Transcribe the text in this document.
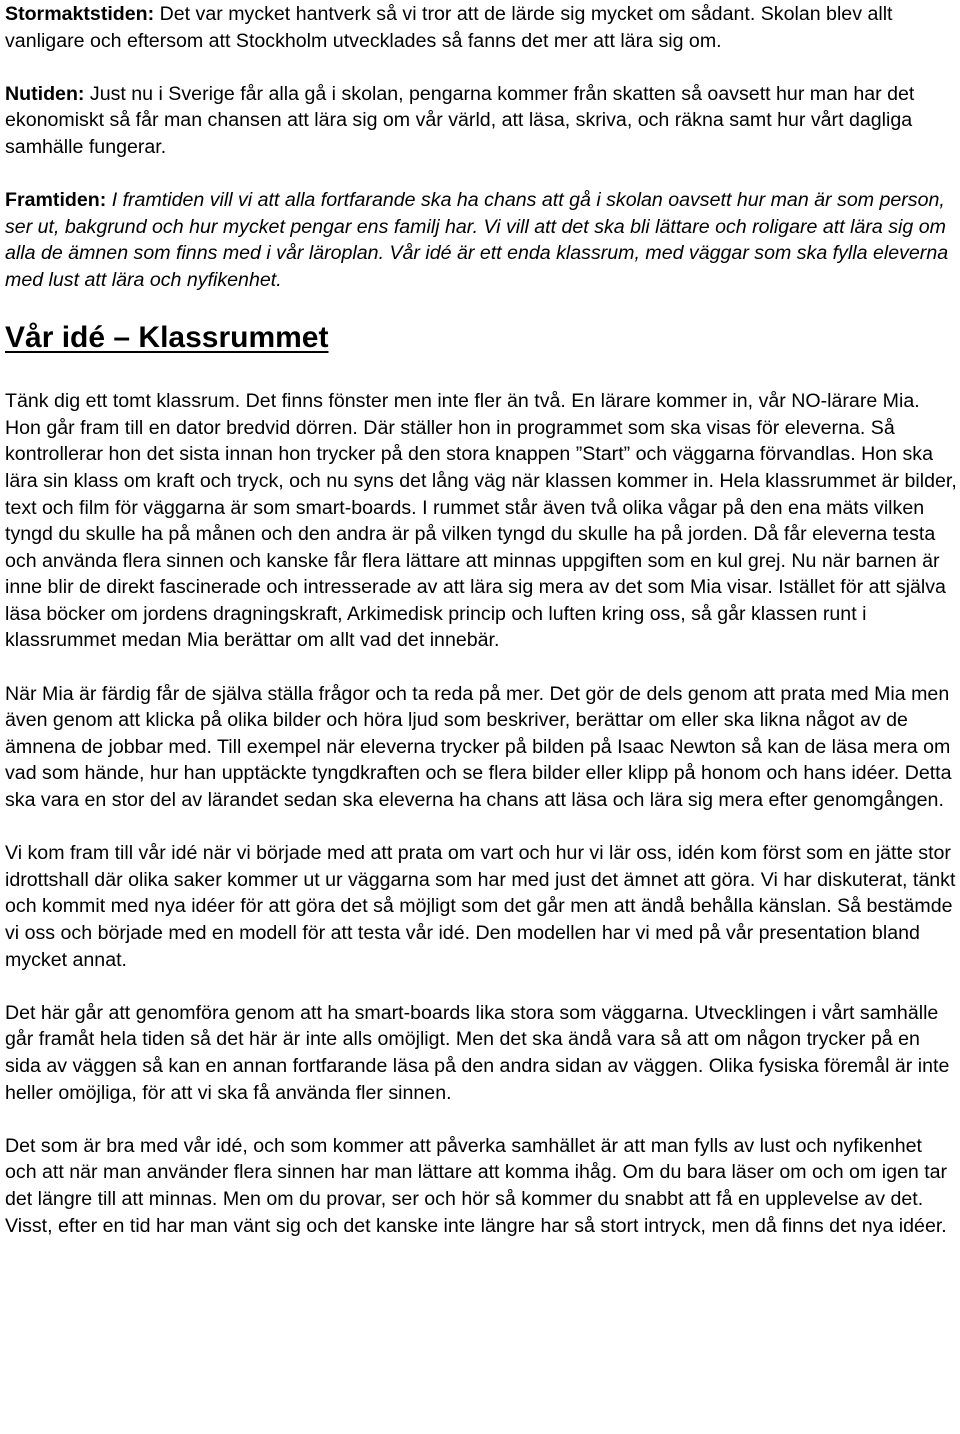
Stormaktstiden: Det var mycket hantverk så vi tror att de lärde sig mycket om sådant. Skolan blev allt vanligare och eftersom att Stockholm utvecklades så fanns det mer att lära sig om.

Nutiden: Just nu i Sverige får alla gå i skolan, pengarna kommer från skatten så oavsett hur man har det ekonomiskt så får man chansen att lära sig om vår värld, att läsa, skriva, och räkna samt hur vårt dagliga samhälle fungerar.

Framtiden: I framtiden vill vi att alla fortfarande ska ha chans att gå i skolan oavsett hur man är som person, ser ut, bakgrund och hur mycket pengar ens familj har. Vi vill att det ska bli lättare och roligare att lära sig om alla de ämnen som finns med i vår läroplan. Vår idé är ett enda klassrum, med väggar som ska fylla eleverna med lust att lära och nyfikenhet.

Vår idé – Klassrummet

Tänk dig ett tomt klassrum. Det finns fönster men inte fler än två. En lärare kommer in, vår NO-lärare Mia. Hon går fram till en dator bredvid dörren. Där ställer hon in programmet som ska visas för eleverna. Så kontrollerar hon det sista innan hon trycker på den stora knappen ”Start” och väggarna förvandlas. Hon ska lära sin klass om kraft och tryck, och nu syns det lång väg när klassen kommer in. Hela klassrummet är bilder, text och film för väggarna är som smart-boards. I rummet står även två olika vågar på den ena mäts vilken tyngd du skulle ha på månen och den andra är på vilken tyngd du skulle ha på jorden. Då får eleverna testa och använda flera sinnen och kanske får flera lättare att minnas uppgiften som en kul grej. Nu när barnen är inne blir de direkt fascinerade och intresserade av att lära sig mera av det som Mia visar. Istället för att själva läsa böcker om jordens dragningskraft, Arkimedisk princip och luften kring oss, så går klassen runt i klassrummet medan Mia berättar om allt vad det innebär.

När Mia är färdig får de själva ställa frågor och ta reda på mer. Det gör de dels genom att prata med Mia men även genom att klicka på olika bilder och höra ljud som beskriver, berättar om eller ska likna något av de ämnena de jobbar med. Till exempel när eleverna trycker på bilden på Isaac Newton så kan de läsa mera om vad som hände, hur han upptäckte tyngdkraften och se flera bilder eller klipp på honom och hans idéer. Detta ska vara en stor del av lärandet sedan ska eleverna ha chans att läsa och lära sig mera efter genomgången.

Vi kom fram till vår idé när vi började med att prata om vart och hur vi lär oss, idén kom först som en jätte stor idrottshall där olika saker kommer ut ur väggarna som har med just det ämnet att göra. Vi har diskuterat, tänkt och kommit med nya idéer för att göra det så möjligt som det går men att ändå behålla känslan. Så bestämde vi oss och började med en modell för att testa vår idé. Den modellen har vi med på vår presentation bland mycket annat.

Det här går att genomföra genom att ha smart-boards lika stora som väggarna. Utvecklingen i vårt samhälle går framåt hela tiden så det här är inte alls omöjligt. Men det ska ändå vara så att om någon trycker på en sida av väggen så kan en annan fortfarande läsa på den andra sidan av väggen. Olika fysiska föremål är inte heller omöjliga, för att vi ska få använda fler sinnen.

Det som är bra med vår idé, och som kommer att påverka samhället är att man fylls av lust och nyfikenhet och att när man använder flera sinnen har man lättare att komma ihåg. Om du bara läser om och om igen tar det längre till att minnas. Men om du provar, ser och hör så kommer du snabbt att få en upplevelse av det. Visst, efter en tid har man vänt sig och det kanske inte längre har så stort intryck, men då finns det nya idéer.
